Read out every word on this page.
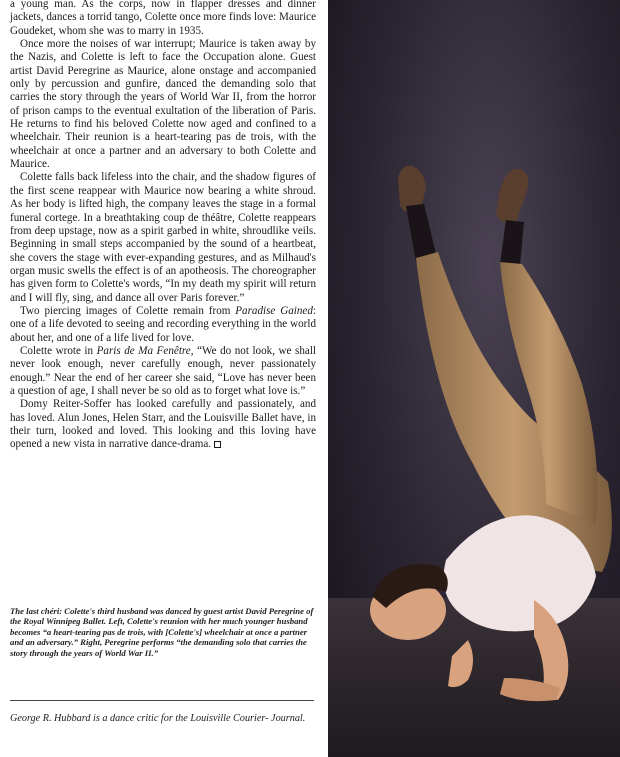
a young man. As the corps, now in flapper dresses and dinner jackets, dances a torrid tango, Colette once more finds love: Maurice Goudeket, whom she was to marry in 1935.

Once more the noises of war interrupt; Maurice is taken away by the Nazis, and Colette is left to face the Occupation alone. Guest artist David Peregrine as Maurice, alone onstage and accompanied only by percussion and gunfire, danced the demanding solo that carries the story through the years of World War II, from the horror of prison camps to the eventual exultation of the liberation of Paris. He returns to find his beloved Colette now aged and confined to a wheelchair. Their reunion is a heart-tearing pas de trois, with the wheelchair at once a partner and an adversary to both Colette and Maurice.

Colette falls back lifeless into the chair, and the shadow figures of the first scene reappear with Maurice now bearing a white shroud. As her body is lifted high, the company leaves the stage in a formal funeral cortege. In a breathtaking coup de théâtre, Colette reappears from deep upstage, now as a spirit garbed in white, shroudlike veils. Beginning in small steps accompanied by the sound of a heartbeat, she covers the stage with ever-expanding gestures, and as Milhaud's organ music swells the effect is of an apotheosis. The choreographer has given form to Colette's words, “In my death my spirit will return and I will fly, sing, and dance all over Paris forever.”

Two piercing images of Colette remain from Paradise Gained: one of a life devoted to seeing and recording everything in the world about her, and one of a life lived for love.

Colette wrote in Paris de Ma Fenêtre, “We do not look, we shall never look enough, never carefully enough, never passionately enough.” Near the end of her career she said, “Love has never been a question of age, I shall never be so old as to forget what love is.”

Domy Reiter-Soffer has looked carefully and passionately, and has loved. Alun Jones, Helen Starr, and the Louisville Ballet have, in their turn, looked and loved. This looking and this loving have opened a new vista in narrative dance-drama.

The last chéri: Colette's third husband was danced by guest artist David Peregrine of the Royal Winnipeg Ballet. Left, Colette's reunion with her much younger husband becomes “a heart-tearing pas de trois, with [Colette's] wheelchair at once a partner and an adversary.” Right, Peregrine performs “the demanding solo that carries the story through the years of World War II.”
George R. Hubbard is a dance critic for the Louisville Courier- Journal.
